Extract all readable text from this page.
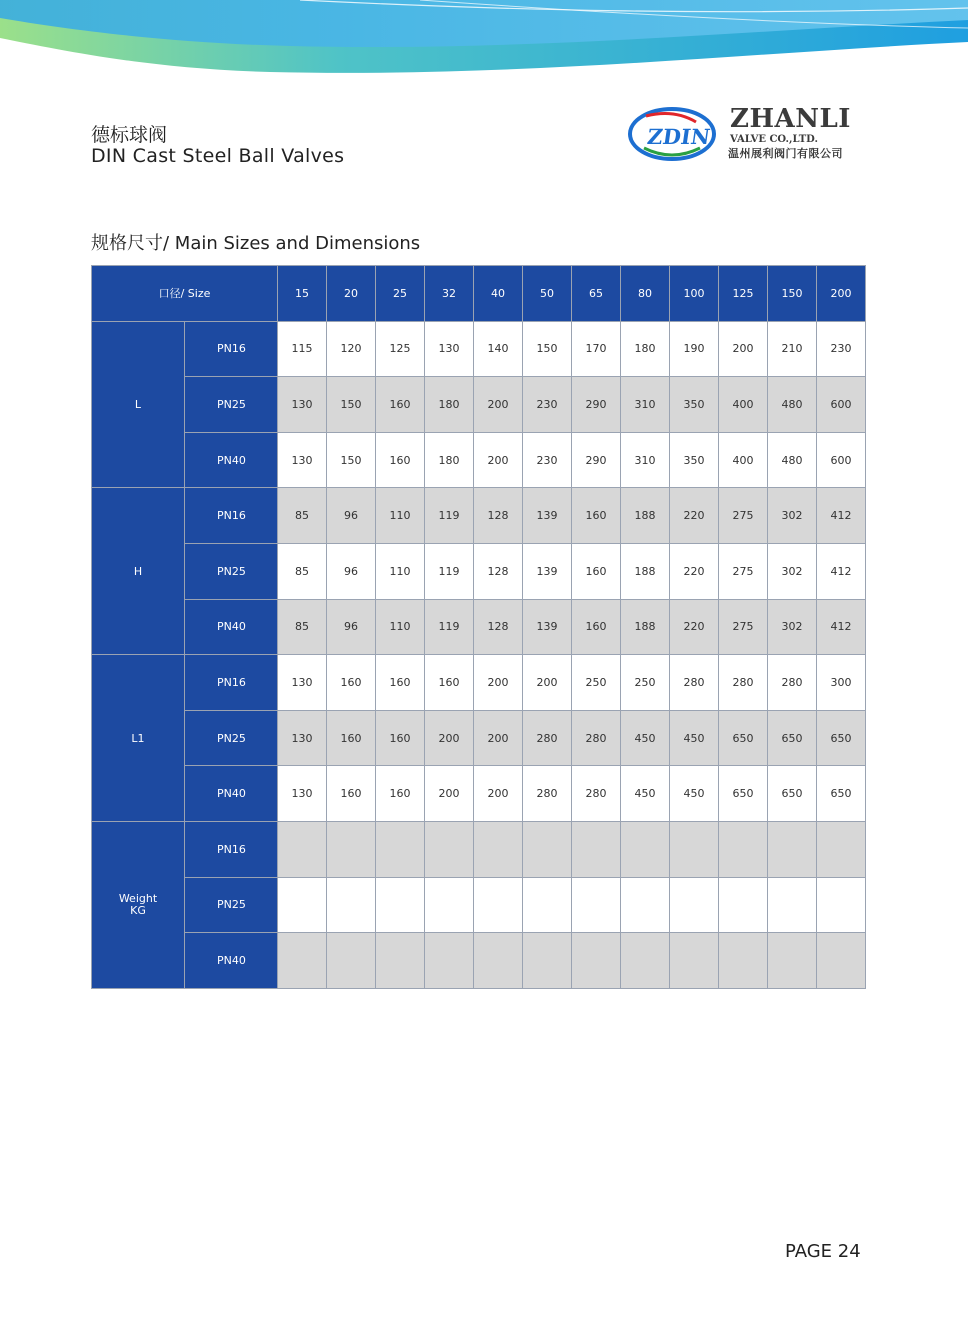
德标球阀
DIN Cast Steel Ball Valves
ZDIN
ZHANLI
VALVE CO.,LTD.
温州展利阀门有限公司
规格尺寸/ Main Sizes and Dimensions
口径/ Size		15	20	25	32	40	50	65	80	100	125	150	200

L	PN16	115	120	125	130	140	150	170	180	190	200	210	230
	PN25	130	150	160	180	200	230	290	310	350	400	480	600
	PN40	130	150	160	180	200	230	290	310	350	400	480	600

H	PN16	85	96	110	119	128	139	160	188	220	275	302	412
	PN25	85	96	110	119	128	139	160	188	220	275	302	412
	PN40	85	96	110	119	128	139	160	188	220	275	302	412

L1	PN16	130	160	160	160	200	200	250	250	280	280	280	300
	PN25	130	160	160	200	200	280	280	450	450	650	650	650
	PN40	130	160	160	200	200	280	280	450	450	650	650	650

Weight
KG	PN16												
	PN25												
	PN40												
PAGE 24
